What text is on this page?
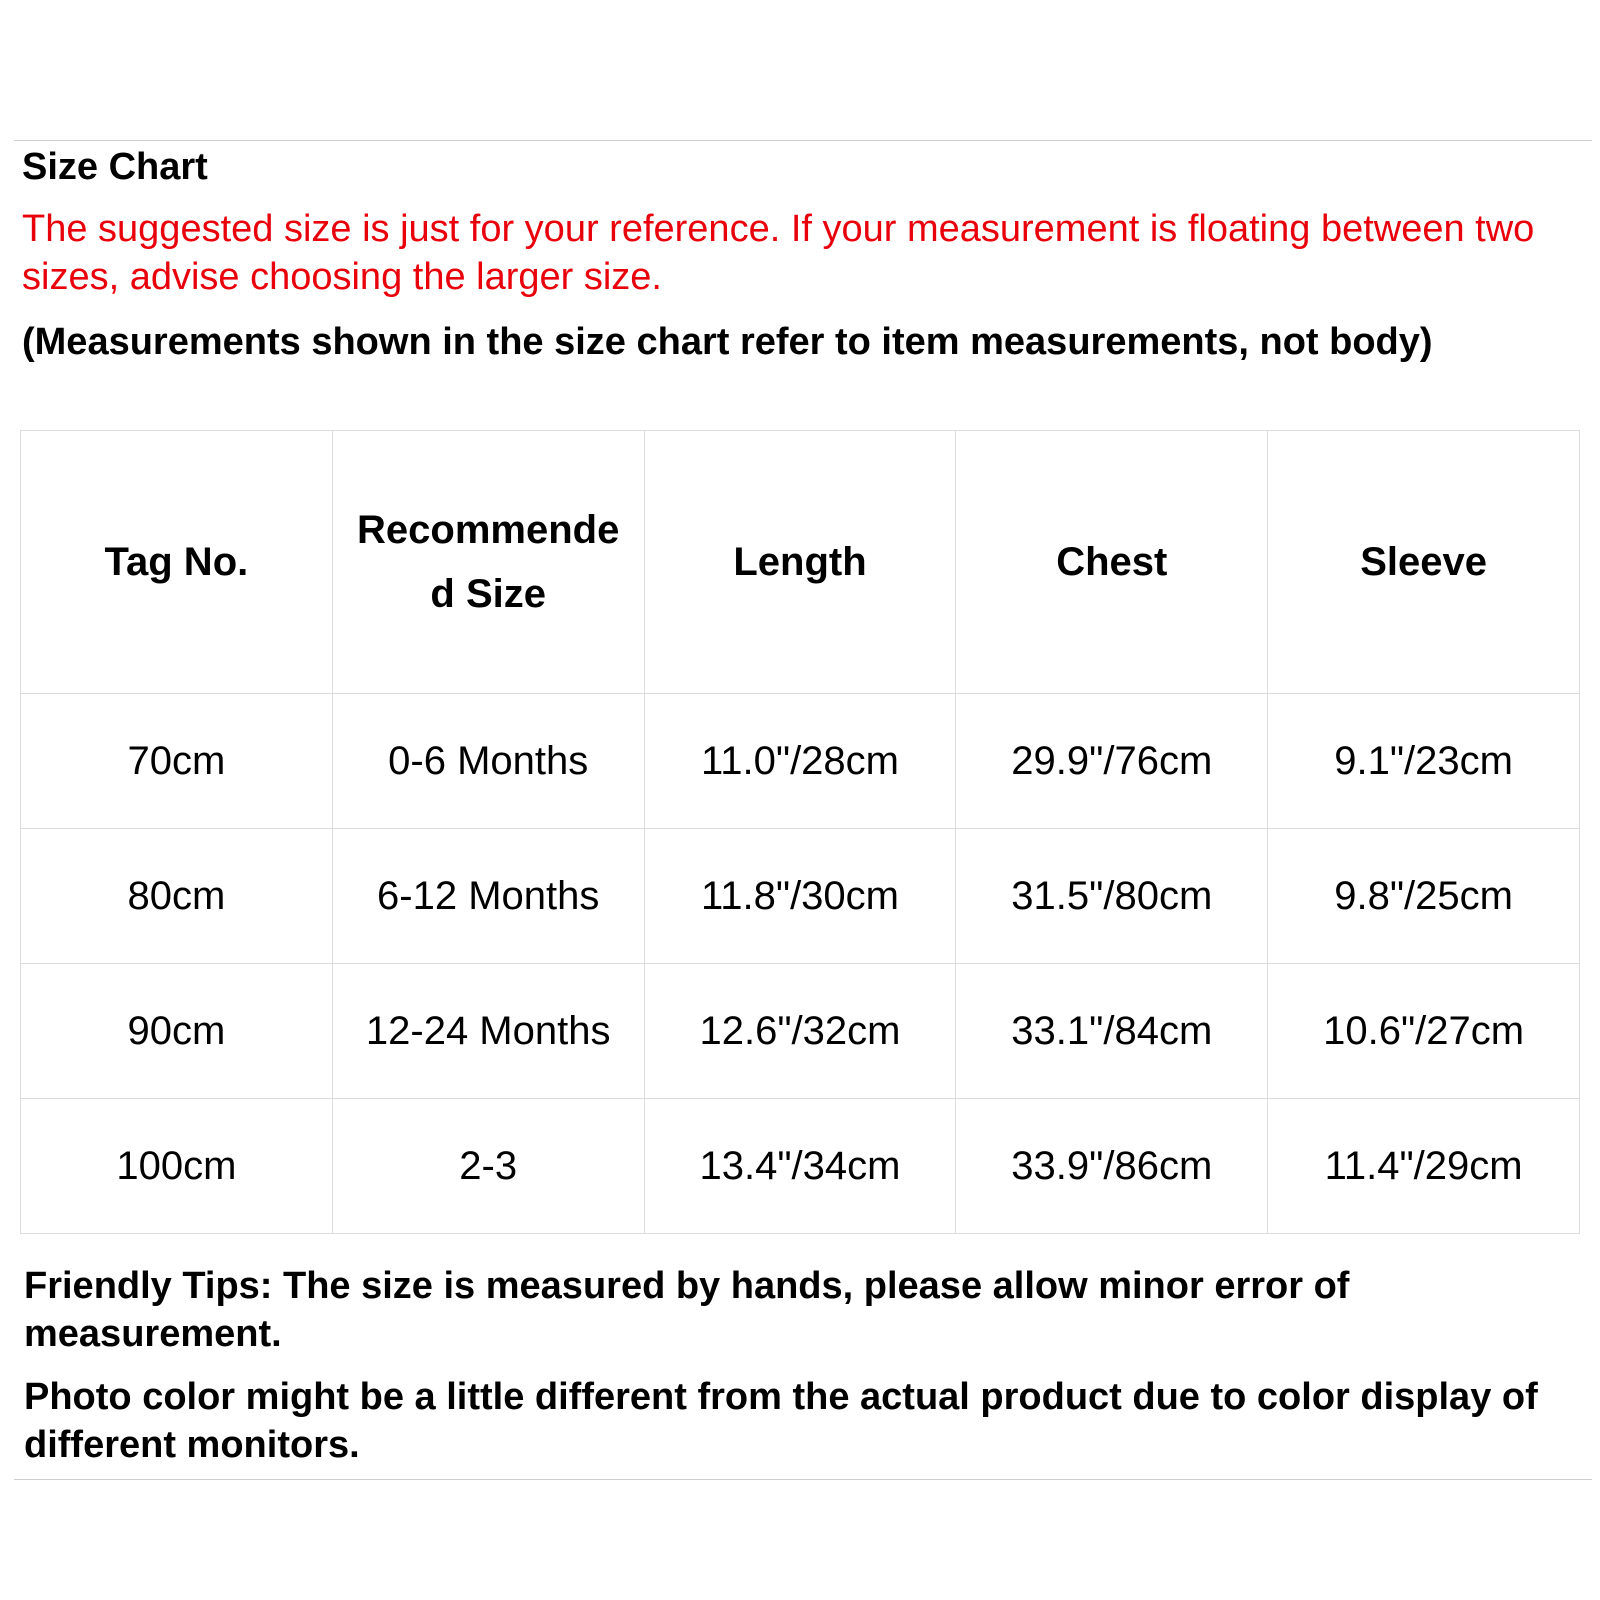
Size Chart
The suggested size is just for your reference. If your measurement is floating between two sizes, advise choosing the larger size.
(Measurements shown in the size chart refer to item measurements, not body)
Tag No.	Recommended Size	Length	Chest	Sleeve
70cm	0-6 Months	11.0"/28cm	29.9"/76cm	9.1"/23cm
80cm	6-12 Months	11.8"/30cm	31.5"/80cm	9.8"/25cm
90cm	12-24 Months	12.6"/32cm	33.1"/84cm	10.6"/27cm
100cm	2-3	13.4"/34cm	33.9"/86cm	11.4"/29cm
Friendly Tips: The size is measured by hands, please allow minor error of measurement.
Photo color might be a little different from the actual product due to color display of different monitors.
